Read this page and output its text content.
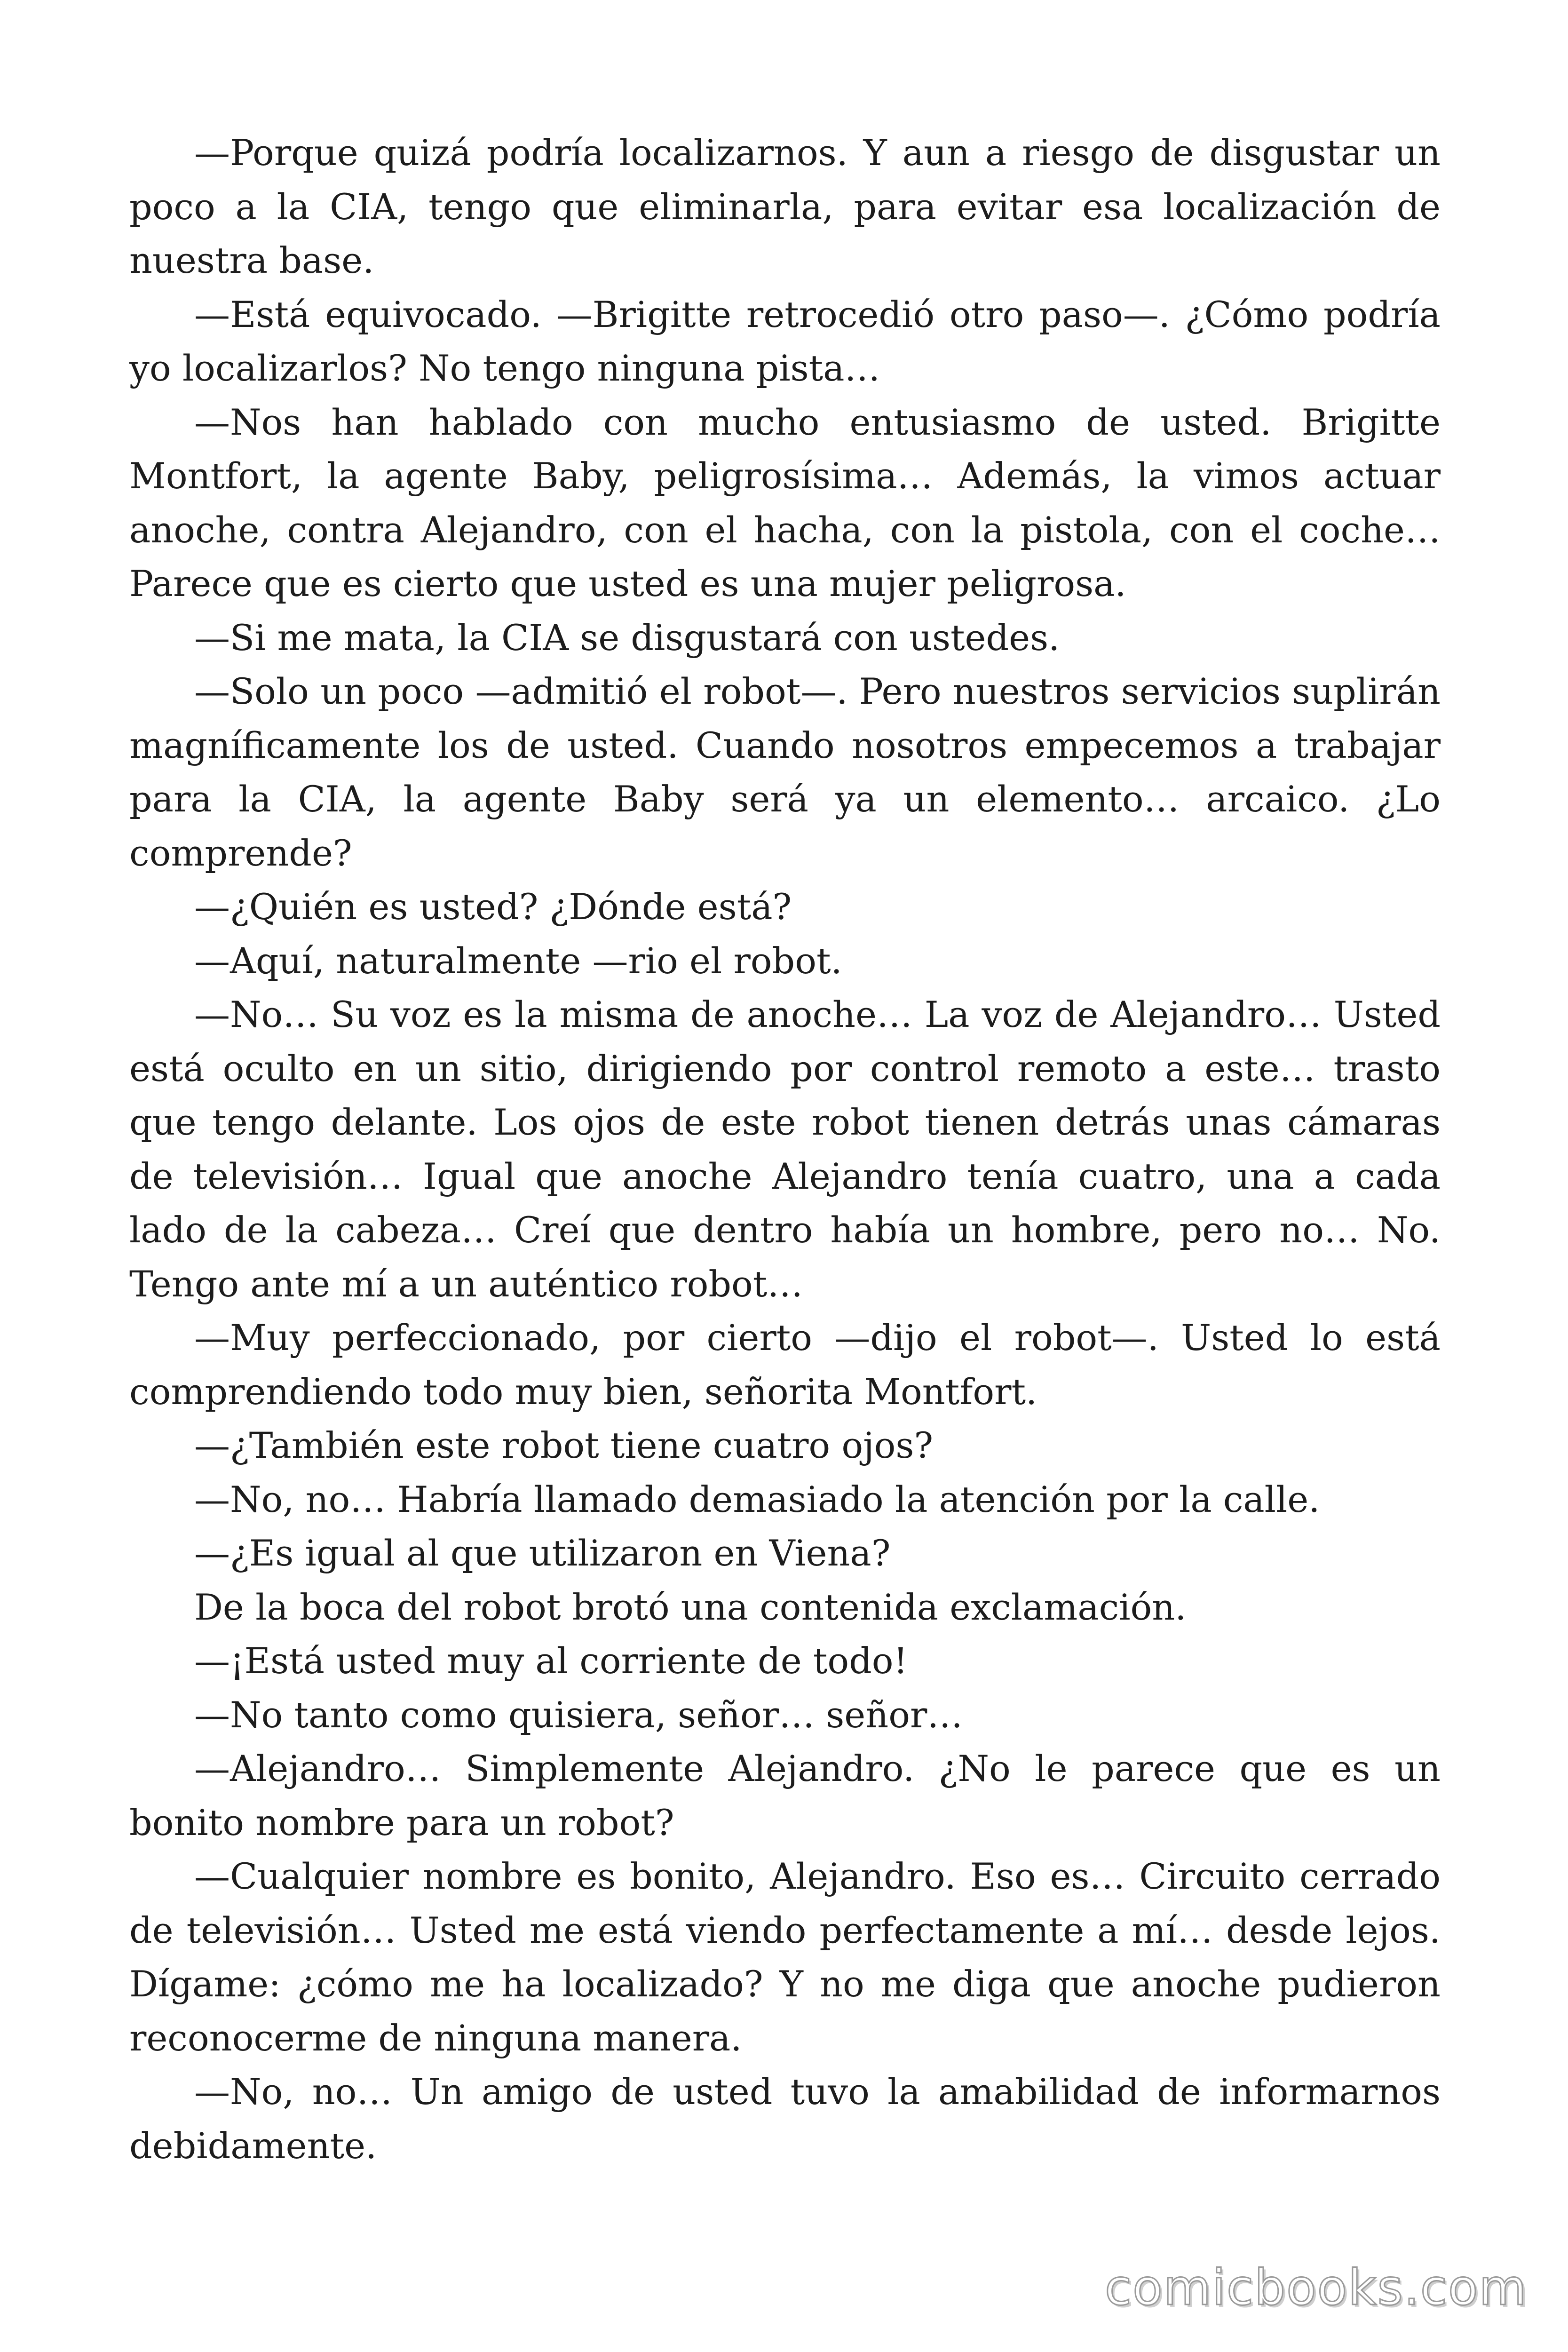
—Porque quizá podría localizarnos. Y aun a riesgo de disgustar un poco a la CIA, tengo que eliminarla, para evitar esa localización de nuestra base.

—Está equivocado. —Brigitte retrocedió otro paso—. ¿Cómo podría yo localizarlos? No tengo ninguna pista…

—Nos han hablado con mucho entusiasmo de usted. Brigitte Montfort, la agente Baby, peligrosísima… Además, la vimos actuar anoche, contra Alejandro, con el hacha, con la pistola, con el coche… Parece que es cierto que usted es una mujer peligrosa.

—Si me mata, la CIA se disgustará con ustedes.

—Solo un poco —admitió el robot—. Pero nuestros servicios suplirán magníficamente los de usted. Cuando nosotros empecemos a trabajar para la CIA, la agente Baby será ya un elemento… arcaico. ¿Lo comprende?

—¿Quién es usted? ¿Dónde está?

—Aquí, naturalmente —rio el robot.

—No… Su voz es la misma de anoche… La voz de Alejandro… Usted está oculto en un sitio, dirigiendo por control remoto a este… trasto que tengo delante. Los ojos de este robot tienen detrás unas cámaras de televisión… Igual que anoche Alejandro tenía cuatro, una a cada lado de la cabeza… Creí que dentro había un hombre, pero no… No. Tengo ante mí a un auténtico robot…

—Muy perfeccionado, por cierto —dijo el robot—. Usted lo está comprendiendo todo muy bien, señorita Montfort.

—¿También este robot tiene cuatro ojos?

—No, no… Habría llamado demasiado la atención por la calle.

—¿Es igual al que utilizaron en Viena?

De la boca del robot brotó una contenida exclamación.

—¡Está usted muy al corriente de todo!

—No tanto como quisiera, señor… señor…

—Alejandro… Simplemente Alejandro. ¿No le parece que es un bonito nombre para un robot?

—Cualquier nombre es bonito, Alejandro. Eso es… Circuito cerrado de televisión… Usted me está viendo perfectamente a mí… desde lejos. Dígame: ¿cómo me ha localizado? Y no me diga que anoche pudieron reconocerme de ninguna manera.

—No, no… Un amigo de usted tuvo la amabilidad de informarnos debidamente.

comicbooks.com
